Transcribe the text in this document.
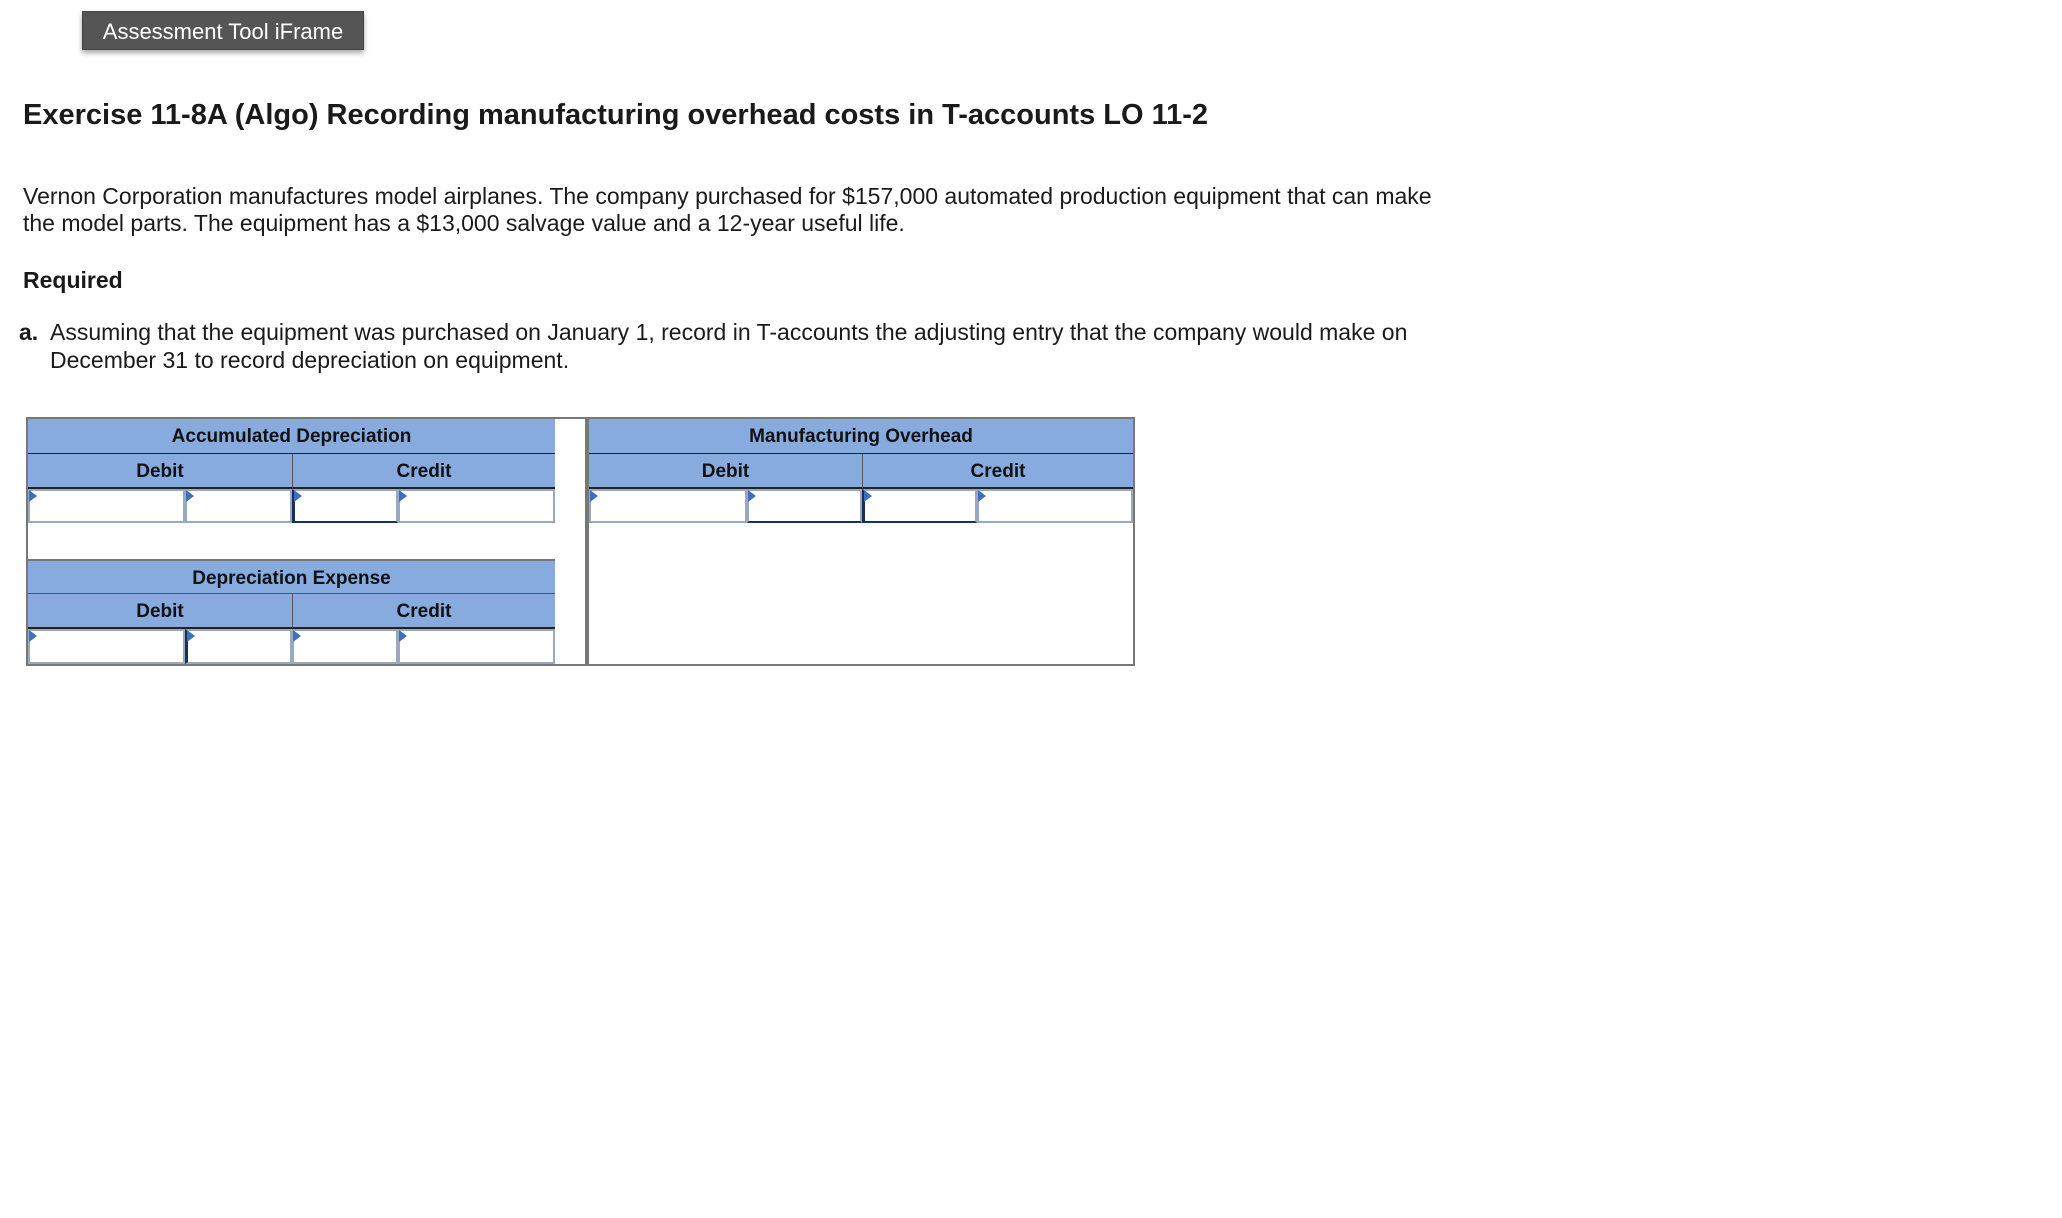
Assessment Tool iFrame
Exercise 11-8A (Algo) Recording manufacturing overhead costs in T-accounts LO 11-2

Vernon Corporation manufactures model airplanes. The company purchased for $157,000 automated production equipment that can make the model parts. The equipment has a $13,000 salvage value and a 12-year useful life.

Required

a. Assuming that the equipment was purchased on January 1, record in T-accounts the adjusting entry that the company would make on December 31 to record depreciation on equipment.
Accumulated Depreciation
Debit	Credit
Depreciation Expense
Debit	Credit
Manufacturing Overhead
Debit	Credit
